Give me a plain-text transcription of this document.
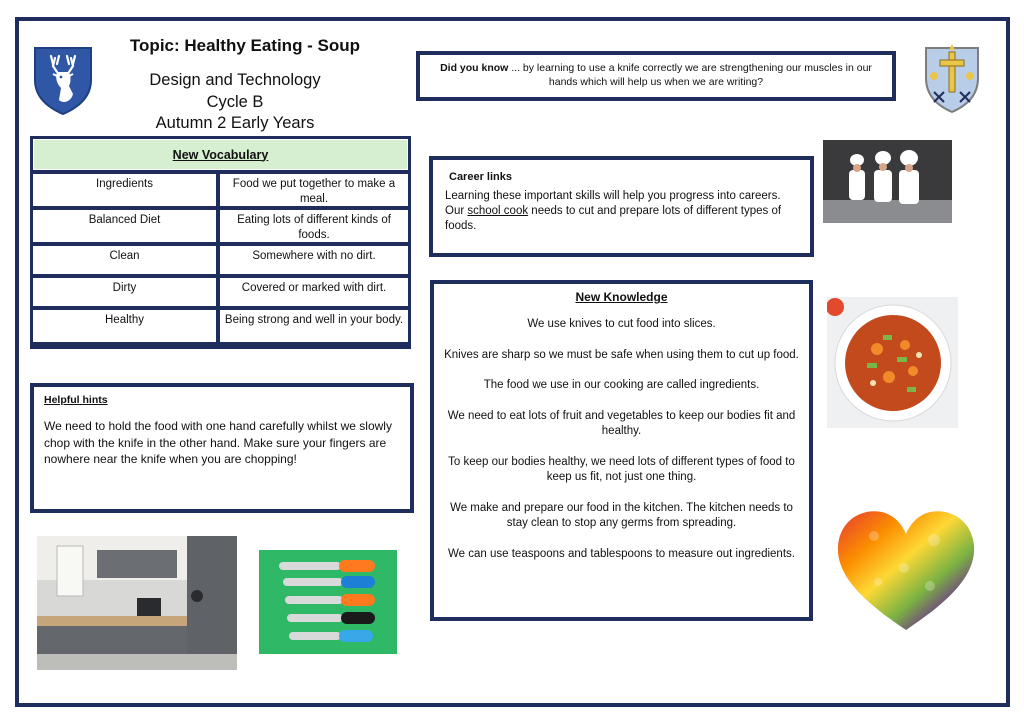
Topic: Healthy Eating - Soup
Design and Technology
Cycle B
Autumn 2 Early Years
New Vocabulary
Ingredients	Food we put together to make a meal.
Balanced Diet	Eating lots of different kinds of foods.
Clean	Somewhere with no dirt.
Dirty	Covered or marked with dirt.
Healthy	Being strong and well in your body.
Helpful hints

We need to hold the food with one hand carefully whilst we slowly chop with the knife in the other hand. Make sure your fingers are nowhere near the knife when you are chopping!

Did you know ... by learning to use a knife correctly we are strengthening our muscles in our hands which will help us when we are writing?
Career links

Learning these important skills will help you progress into careers. Our school cook needs to cut and prepare lots of different types of foods.

New Knowledge

We use knives to cut food into slices.

Knives are sharp so we must be safe when using them to cut up food.

The food we use in our cooking are called ingredients.

We need to eat lots of fruit and vegetables to keep our bodies fit and healthy.

To keep our bodies healthy, we need lots of different types of food to keep us fit, not just one thing.

We make and prepare our food in the kitchen. The kitchen needs to stay clean to stop any germs from spreading.

We can use teaspoons and tablespoons to measure out ingredients.
